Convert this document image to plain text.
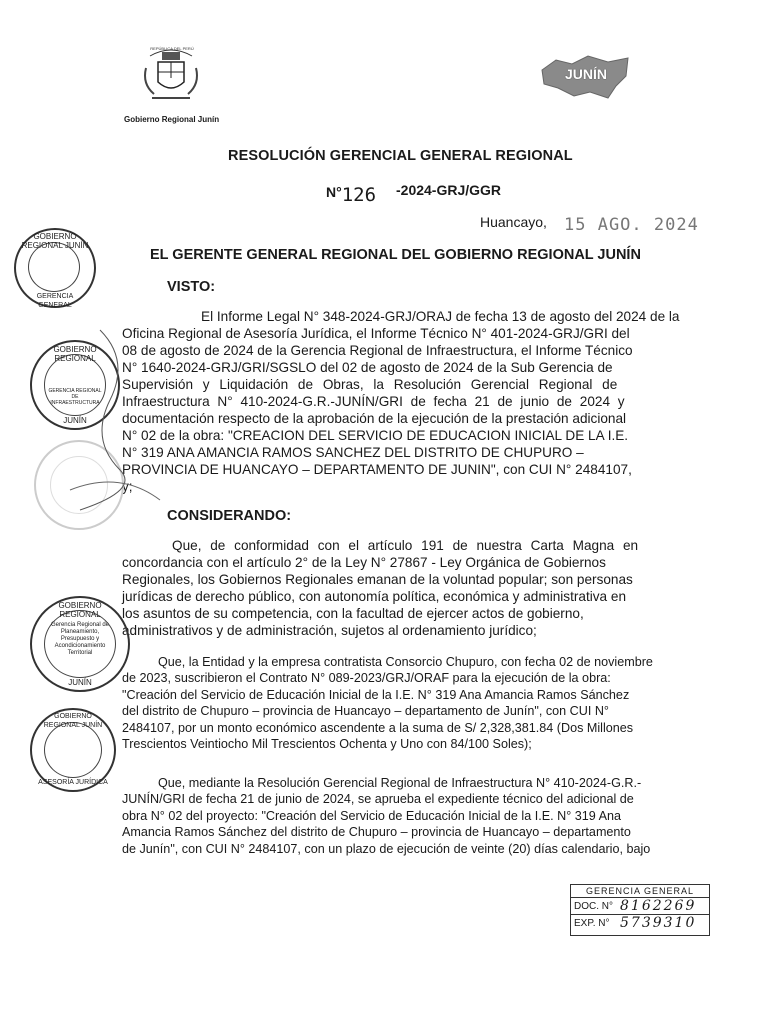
REPÚBLICA DEL PERÚ
Gobierno Regional Junín
JUNÍN
RESOLUCIÓN GERENCIAL GENERAL REGIONAL
N°126 -2024-GRJ/GGR
Huancayo, 15 AGO. 2024
EL GERENTE GENERAL REGIONAL DEL GOBIERNO REGIONAL JUNÍN
VISTO:
El Informe Legal N° 348-2024-GRJ/ORAJ de fecha 13 de agosto del 2024 de la
Oficina Regional de Asesoría Jurídica, el Informe Técnico N° 401-2024-GRJ/GRI del
08 de agosto de 2024 de la Gerencia Regional de Infraestructura, el Informe Técnico
N° 1640-2024-GRJ/GRI/SGSLO del 02 de agosto de 2024 de la Sub Gerencia de
Supervisión y Liquidación de Obras, la Resolución Gerencial Regional de
Infraestructura N° 410-2024-G.R.-JUNÍN/GRI de fecha 21 de junio de 2024 y
documentación respecto de la aprobación de la ejecución de la prestación adicional
N° 02 de la obra: "CREACION DEL SERVICIO DE EDUCACION INICIAL DE LA I.E.
N° 319 ANA AMANCIA RAMOS SANCHEZ DEL DISTRITO DE CHUPURO –
PROVINCIA DE HUANCAYO – DEPARTAMENTO DE JUNIN", con CUI N° 2484107,
y;
CONSIDERANDO:
Que, de conformidad con el artículo 191 de nuestra Carta Magna en
concordancia con el artículo 2° de la Ley N° 27867 - Ley Orgánica de Gobiernos
Regionales, los Gobiernos Regionales emanan de la voluntad popular; son personas
jurídicas de derecho público, con autonomía política, económica y administrativa en
los asuntos de su competencia, con la facultad de ejercer actos de gobierno,
administrativos y de administración, sujetos al ordenamiento jurídico;
Que, la Entidad y la empresa contratista Consorcio Chupuro, con fecha 02 de noviembre
de 2023, suscribieron el Contrato N° 089-2023/GRJ/ORAF para la ejecución de la obra:
"Creación del Servicio de Educación Inicial de la I.E. N° 319 Ana Amancia Ramos Sánchez
del distrito de Chupuro – provincia de Huancayo – departamento de Junín", con CUI N°
2484107, por un monto económico ascendente a la suma de S/ 2,328,381.84 (Dos Millones
Trescientos Veintiocho Mil Trescientos Ochenta y Uno con 84/100 Soles);
Que, mediante la Resolución Gerencial Regional de Infraestructura N° 410-2024-G.R.-
JUNÍN/GRI de fecha 21 de junio de 2024, se aprueba el expediente técnico del adicional de
obra N° 02 del proyecto: "Creación del Servicio de Educación Inicial de la I.E. N° 319 Ana
Amancia Ramos Sánchez del distrito de Chupuro – provincia de Huancayo – departamento
de Junín", con CUI N° 2484107, con un plazo de ejecución de veinte (20) días calendario, bajo
GOBIERNO REGIONAL JUNÍN
GERENCIA GENERAL
GOBIERNO REGIONAL
GERENCIA REGIONAL DE INFRAESTRUCTURA
JUNÍN
GOBIERNO REGIONAL
Gerencia Regional de Planeamiento, Presupuesto y Acondicionamiento Territorial
JUNÍN
GOBIERNO REGIONAL JUNÍN
ASESORÍA JURÍDICA
GERENCIA GENERAL
DOC. N° 8162269
EXP. N° 5739310
